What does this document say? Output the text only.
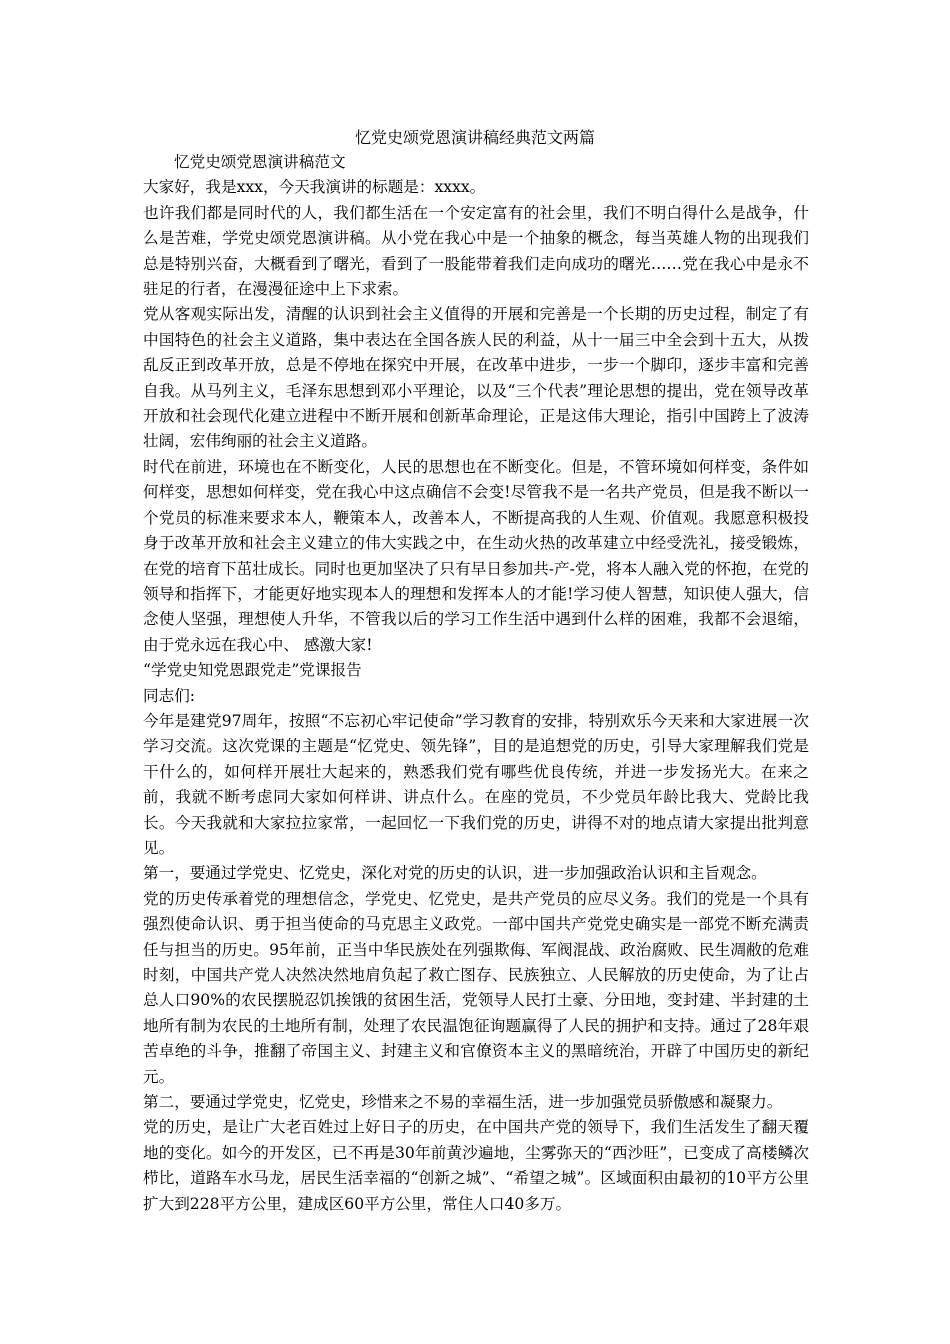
忆党史颂党恩演讲稿经典范文两篇

忆党史颂党恩演讲稿范文

大家好，我是xxx，今天我演讲的标题是：xxxx。

也许我们都是同时代的人，我们都生活在一个安定富有的社会里，我们不明白得什么是战争，什么是苦难，学党史颂党恩演讲稿。从小党在我心中是一个抽象的概念，每当英雄人物的出现我们总是特别兴奋，大概看到了曙光，看到了一股能带着我们走向成功的曙光……党在我心中是永不驻足的行者，在漫漫征途中上下求索。

党从客观实际出发，清醒的认识到社会主义值得的开展和完善是一个长期的历史过程，制定了有中国特色的社会主义道路，集中表达在全国各族人民的利益，从十一届三中全会到十五大，从拨乱反正到改革开放，总是不停地在探究中开展，在改革中进步，一步一个脚印，逐步丰富和完善自我。从马列主义，毛泽东思想到邓小平理论，以及“三个代表”理论思想的提出，党在领导改革开放和社会现代化建立进程中不断开展和创新革命理论，正是这伟大理论，指引中国跨上了波涛壮阔，宏伟绚丽的社会主义道路。

时代在前进，环境也在不断变化，人民的思想也在不断变化。但是，不管环境如何样变，条件如何样变，思想如何样变，党在我心中这点确信不会变!尽管我不是一名共产党员，但是我不断以一个党员的标准来要求本人，鞭策本人，改善本人，不断提高我的人生观、价值观。我愿意积极投身于改革开放和社会主义建立的伟大实践之中，在生动火热的改革建立中经受洗礼，接受锻炼，在党的培育下茁壮成长。同时也更加坚决了只有早日参加共-产-党，将本人融入党的怀抱，在党的领导和指挥下，才能更好地实现本人的理想和发挥本人的才能!学习使人智慧，知识使人强大，信念使人坚强，理想使人升华，不管我以后的学习工作生活中遇到什么样的困难，我都不会退缩，由于党永远在我心中、 感激大家!

“学党史知党恩跟党走”党课报告

同志们:

今年是建党97周年，按照“不忘初心牢记使命”学习教育的安排，特别欢乐今天来和大家进展一次学习交流。这次党课的主题是“忆党史、领先锋”，目的是追想党的历史，引导大家理解我们党是干什么的，如何样开展壮大起来的，熟悉我们党有哪些优良传统，并进一步发扬光大。在来之前，我就不断考虑同大家如何样讲、讲点什么。在座的党员，不少党员年龄比我大、党龄比我长。今天我就和大家拉拉家常，一起回忆一下我们党的历史，讲得不对的地点请大家提出批判意见。

第一，要通过学党史、忆党史，深化对党的历史的认识，进一步加强政治认识和主旨观念。

党的历史传承着党的理想信念，学党史、忆党史，是共产党员的应尽义务。我们的党是一个具有强烈使命认识、勇于担当使命的马克思主义政党。一部中国共产党党史确实是一部党不断充满责任与担当的历史。95年前，正当中华民族处在列强欺侮、军阀混战、政治腐败、民生凋敝的危难时刻，中国共产党人决然决然地肩负起了救亡图存、民族独立、人民解放的历史使命，为了让占总人口90%的农民摆脱忍饥挨饿的贫困生活，党领导人民打土豪、分田地，变封建、半封建的土地所有制为农民的土地所有制，处理了农民温饱征询题赢得了人民的拥护和支持。通过了28年艰苦卓绝的斗争，推翻了帝国主义、封建主义和官僚资本主义的黑暗统治，开辟了中国历史的新纪元。

第二，要通过学党史，忆党史，珍惜来之不易的幸福生活，进一步加强党员骄傲感和凝聚力。

党的历史，是让广大老百姓过上好日子的历史，在中国共产党的领导下，我们生活发生了翻天覆地的变化。如今的开发区，已不再是30年前黄沙遍地，尘雾弥天的“西沙旺”，已变成了高楼鳞次栉比，道路车水马龙，居民生活幸福的“创新之城”、“希望之城”。区域面积由最初的10平方公里扩大到228平方公里，建成区60平方公里，常住人口40多万。
